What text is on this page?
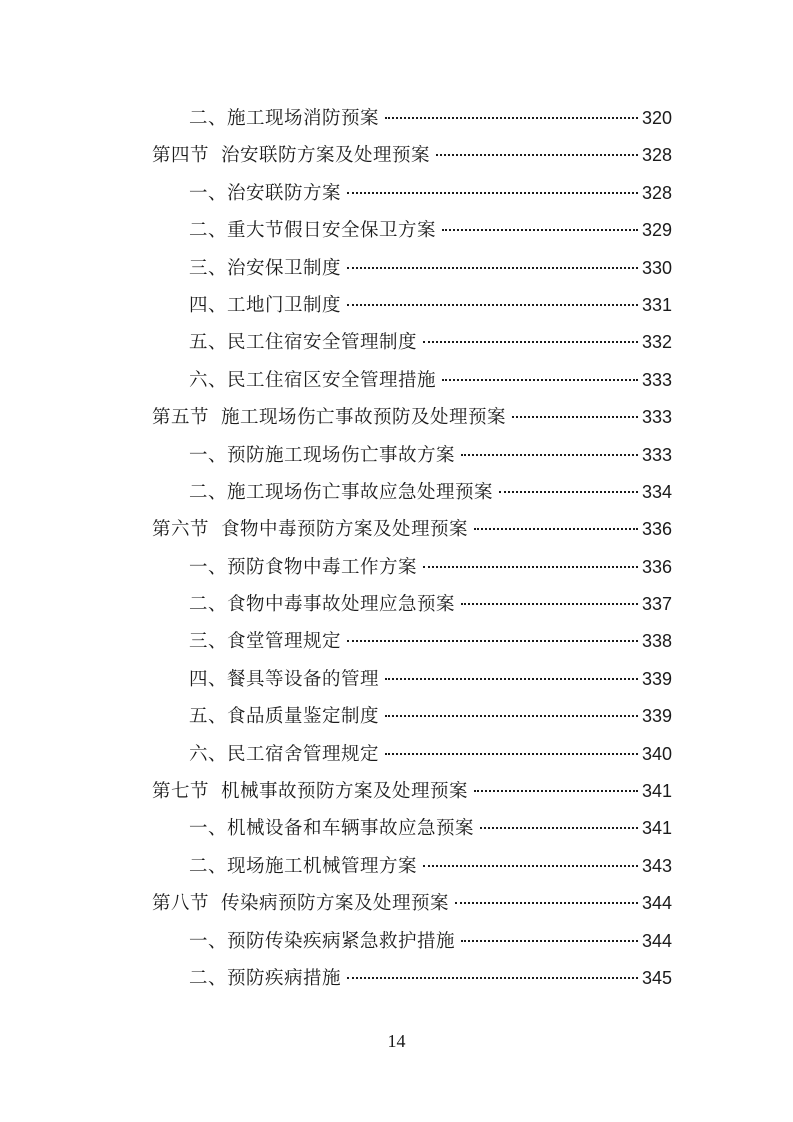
二、 施工现场消防预案	320
第四节 治安联防方案及处理预案	328
一、 治安联防方案	328
二、 重大节假日安全保卫方案	329
三、 治安保卫制度	330
四、 工地门卫制度	331
五、 民工住宿安全管理制度	332
六、 民工住宿区安全管理措施	333
第五节 施工现场伤亡事故预防及处理预案	333
一、 预防施工现场伤亡事故方案	333
二、 施工现场伤亡事故应急处理预案	334
第六节 食物中毒预防方案及处理预案	336
一、 预防食物中毒工作方案	336
二、 食物中毒事故处理应急预案	337
三、 食堂管理规定	338
四、 餐具等设备的管理	339
五、 食品质量鉴定制度	339
六、 民工宿舍管理规定	340
第七节 机械事故预防方案及处理预案	341
一、 机械设备和车辆事故应急预案	341
二、 现场施工机械管理方案	343
第八节 传染病预防方案及处理预案	344
一、 预防传染疾病紧急救护措施	344
二、 预防疾病措施	345
14
